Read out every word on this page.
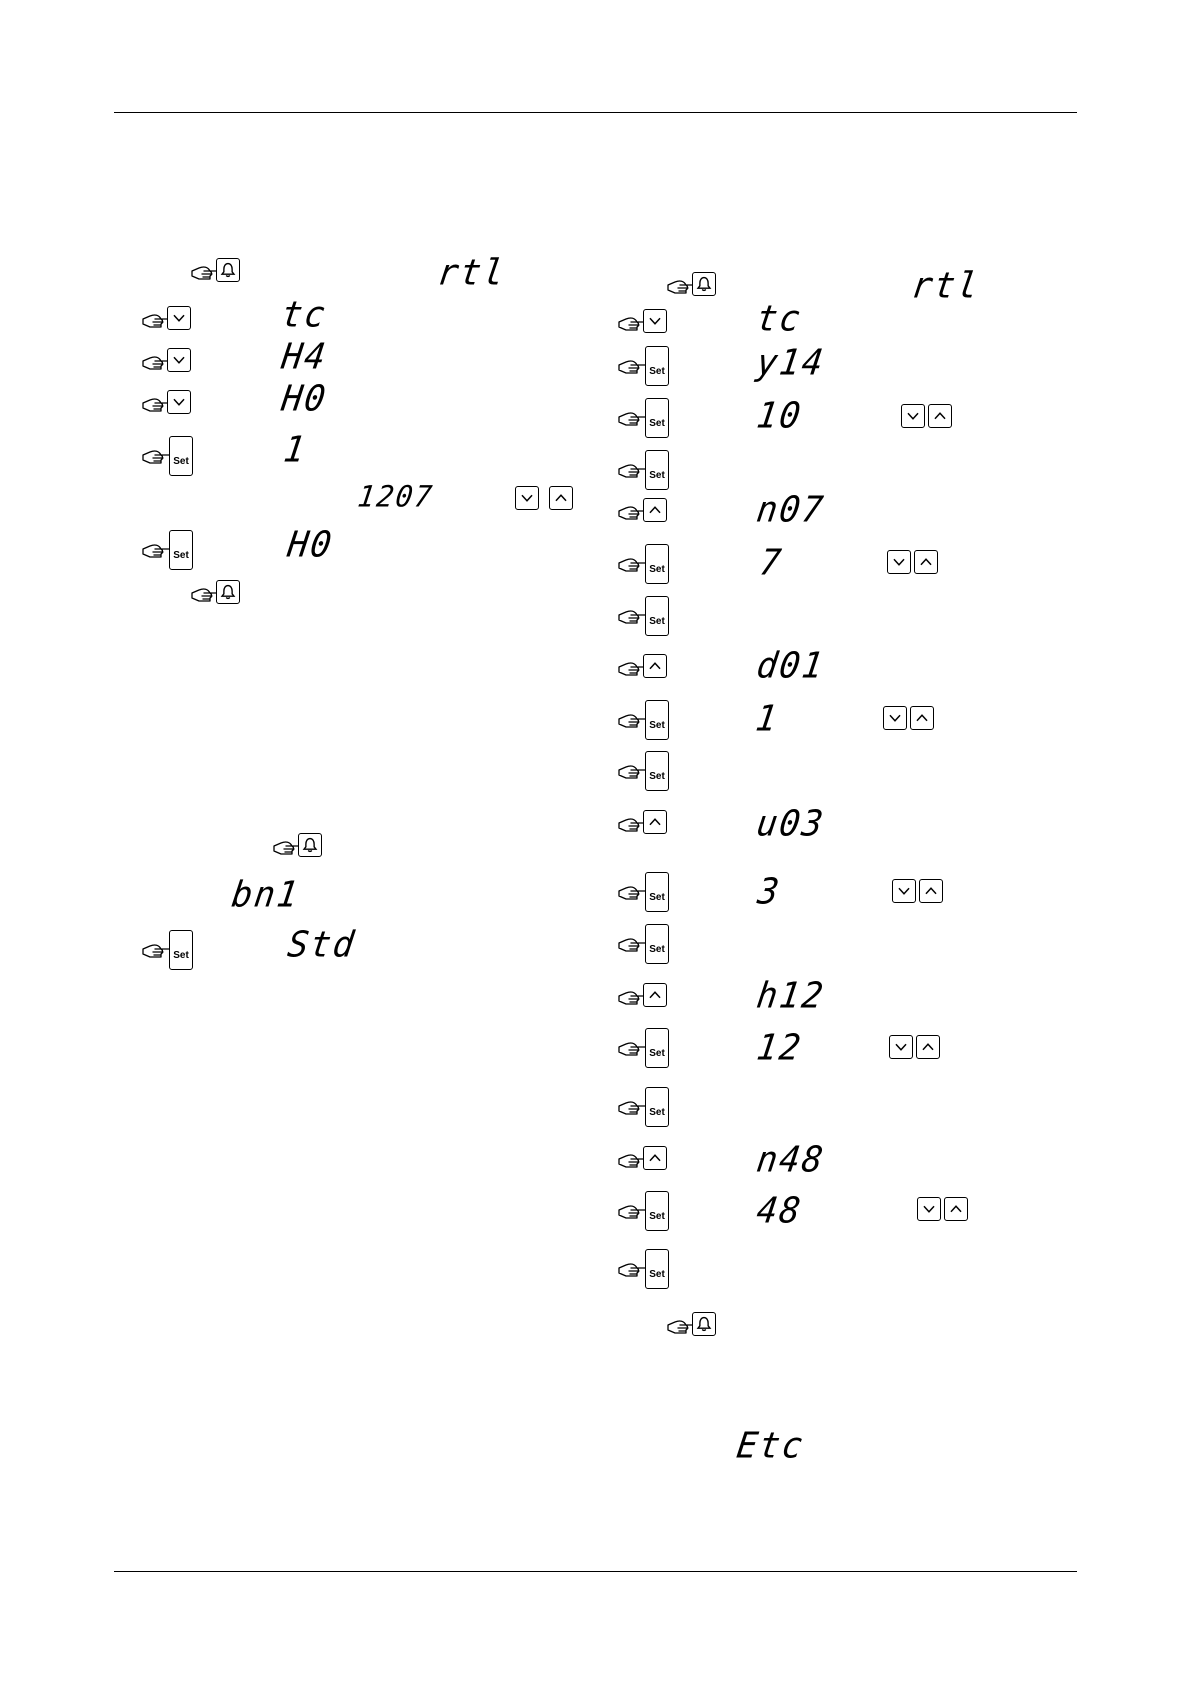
rtl
tc
H4
H0
Set	1
1207
Set	H0
bn1
Set	Std
rtl
tc
Set	y14
Set	10
Set
n07
Set	7
Set
d01
Set	1
Set
u03
Set	3
Set
h12
Set	12
Set
n48
Set	48
Set
Etc
